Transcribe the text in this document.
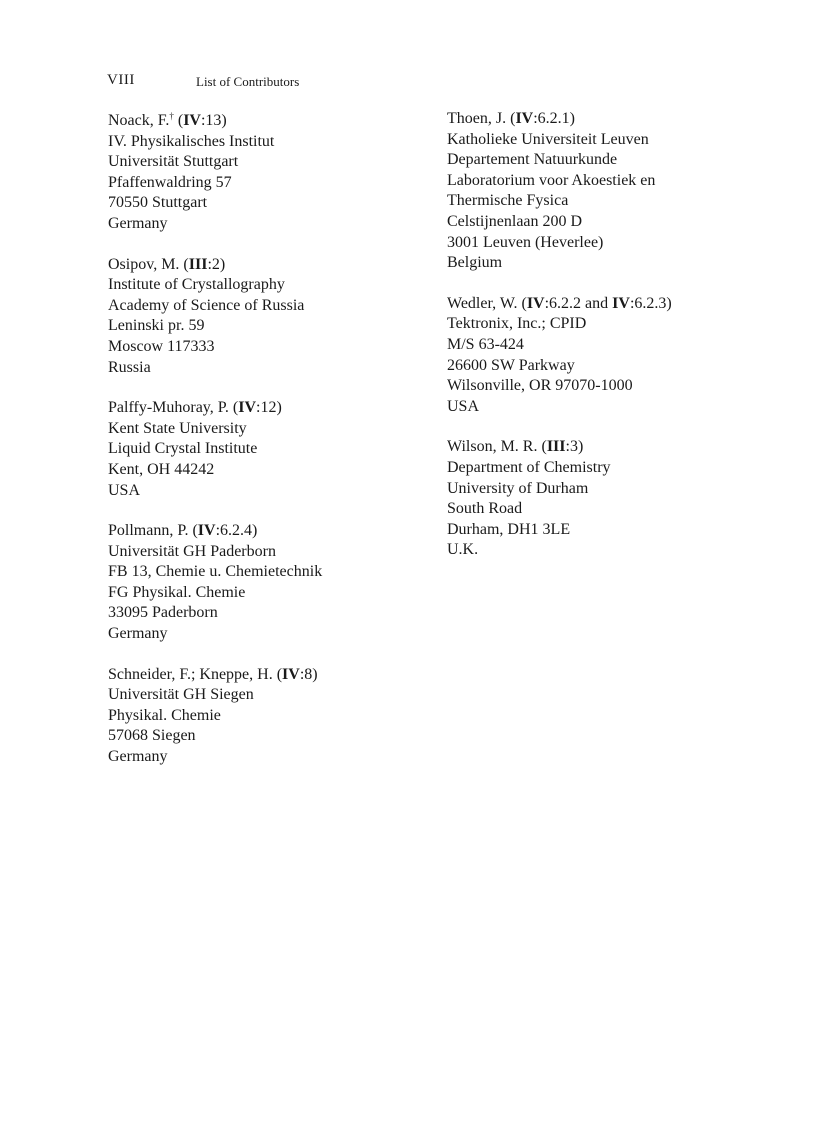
VIII	List of Contributors
Noack, F.† (IV:13)
IV. Physikalisches Institut
Universität Stuttgart
Pfaffenwaldring 57
70550 Stuttgart
Germany
Osipov, M. (III:2)
Institute of Crystallography
Academy of Science of Russia
Leninski pr. 59
Moscow 117333
Russia
Palffy-Muhoray, P. (IV:12)
Kent State University
Liquid Crystal Institute
Kent, OH 44242
USA
Pollmann, P. (IV:6.2.4)
Universität GH Paderborn
FB 13, Chemie u. Chemietechnik
FG Physikal. Chemie
33095 Paderborn
Germany
Schneider, F.; Kneppe, H. (IV:8)
Universität GH Siegen
Physikal. Chemie
57068 Siegen
Germany
Thoen, J. (IV:6.2.1)
Katholieke Universiteit Leuven
Departement Natuurkunde
Laboratorium voor Akoestiek en
Thermische Fysica
Celstijnenlaan 200 D
3001 Leuven (Heverlee)
Belgium
Wedler, W. (IV:6.2.2 and IV:6.2.3)
Tektronix, Inc.; CPID
M/S 63-424
26600 SW Parkway
Wilsonville, OR 97070-1000
USA
Wilson, M. R. (III:3)
Department of Chemistry
University of Durham
South Road
Durham, DH1 3LE
U.K.
